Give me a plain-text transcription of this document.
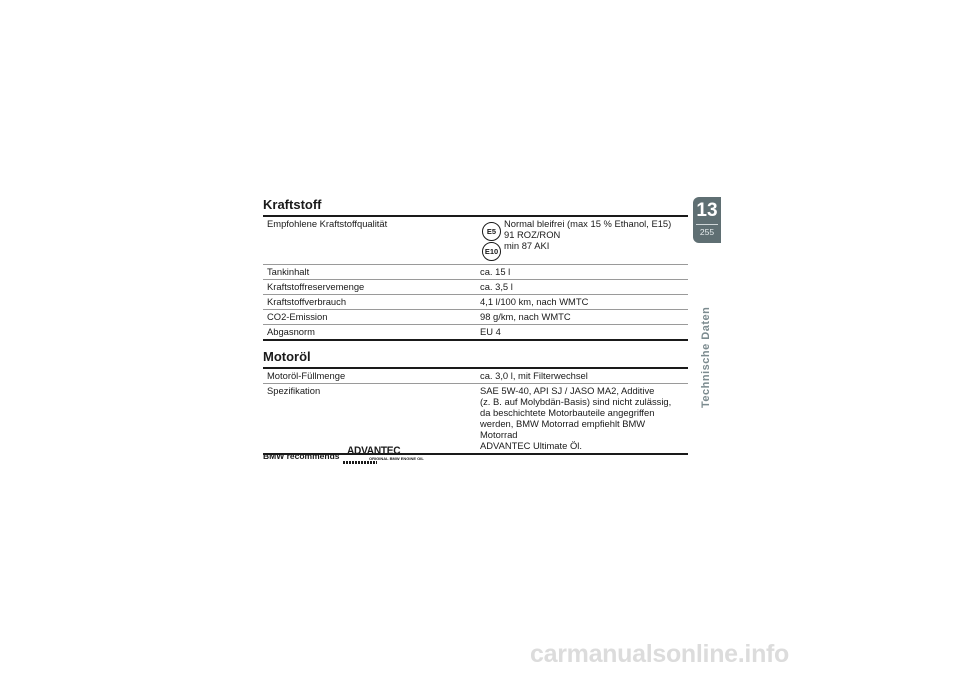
Kraftstoff
Empfohlene Kraftstoffqualität	E5
E10
Normal bleifrei (max 15 % Ethanol, E15)
91 ROZ/RON
min 87 AKI

Tankinhalt	ca. 15 l
Kraftstoffreservemenge	ca. 3,5 l
Kraftstoffverbrauch	4,1 l/100 km, nach WMTC
CO2-Emission	98 g/km, nach WMTC
Abgasnorm	EU 4
Motoröl
Motoröl-Füllmenge	ca. 3,0 l, mit Filterwechsel
Spezifikation	SAE 5W-40, API SJ / JASO MA2, Additive
(z. B. auf Molybdän-Basis) sind nicht zulässig,
da beschichtete Motorbauteile angegriffen
werden, BMW Motorrad empfiehlt BMW Motorrad
ADVANTEC Ultimate Öl.
BMW recommends ADVANTEC
ORIGINAL BMW ENGINE OIL
13
255
Technische Daten
carmanualsonline.info
